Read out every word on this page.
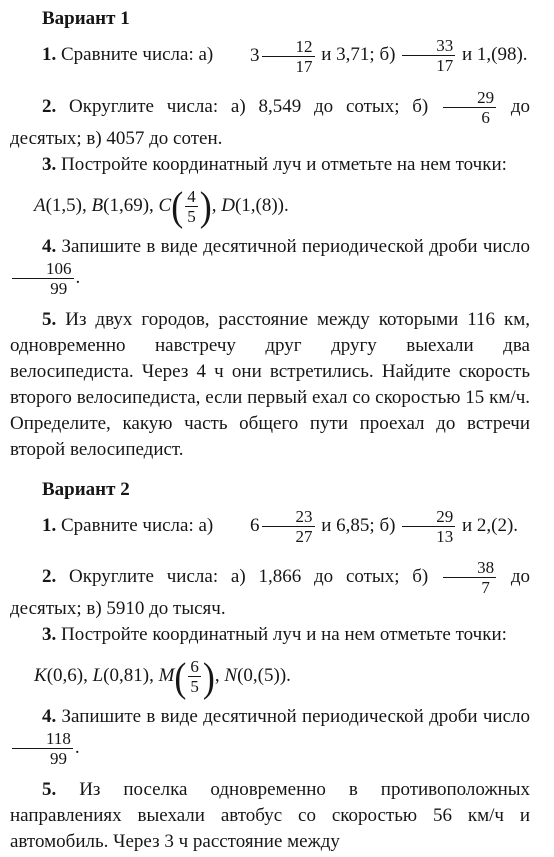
Вариант 1

1. Сравните числа: а) $3 \frac{12}{17}$ и 3,71; $б) \frac{33}{17}$ и 1,(98).

2. Округлите числа: а) 8,549 до сотых; $б) \frac{29}{6}$ до десятых; в) 4057 до сотен.

3. Постройте координатный луч и отметьте на нем точки:

A(1,5), B(1,69), $C( \frac{4}{5}$ ), D(1,(8)).

4. Запишите в виде десятичной периодической дроби число
$\frac{106}{99}$ .

5. Из двух городов, расстояние между которыми 116 км, одновременно навстречу друг другу выехали два велосипедиста. Через 4 ч они встретились. Найдите скорость второго велосипедиста, если первый ехал со скоростью 15 км/ч. Определите, какую часть общего пути проехал до встречи второй велосипедист.

Вариант 2

1. Сравните числа: а) $6 \frac{23}{27}$ и 6,85; $б) \frac{29}{13}$ и 2,(2).

2. Округлите числа: а) 1,866 до сотых; $б) \frac{38}{7}$ до десятых; в) 5910 до тысяч.

3. Постройте координатный луч и на нем отметьте точки:

K(0,6), L(0,81), $M( \frac{6}{5}$ ), N(0,(5)).

4. Запишите в виде десятичной периодической дроби число
$\frac{118}{99}$ .

5. Из поселка одновременно в противоположных направлениях выехали автобус со скоростью 56 км/ч и автомобиль. Через 3 ч расстояние между
